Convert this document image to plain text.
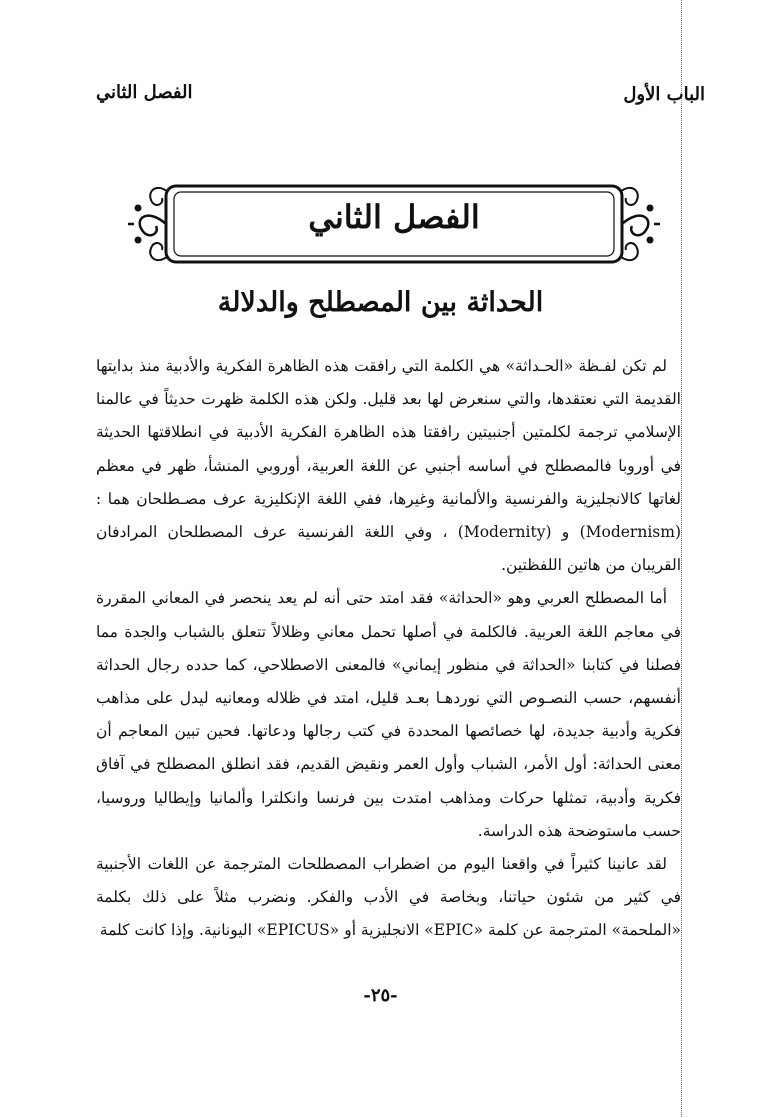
الباب الأول
الفصل الثاني
الفصل الثاني
الحداثة بين المصطلح والدلالة

لم تكن لفـظة «الحـداثة» هي الكلمة التي رافقت هذه الظاهرة الفكرية والأدبية منذ بدايتها القديمة التي نعتقدها، والتي سنعرض لها بعد قليل. ولكن هذه الكلمة ظهرت حديثاً في عالمنا الإسلامي ترجمة لكلمتين أجنبيتين رافقتا هذه الظاهرة الفكرية الأدبية في انطلاقتها الحديثة في أوروبا فالمصطلح في أساسه أجنبي عن اللغة العربية، أوروبي المنشأ، ظهر في معظم لغاتها كالانجليزية والفرنسية والألمانية وغيرها، ففي اللغة الإنكليزية عرف مصـطلحان هما : (Modernism) و (Modernity) ، وفي اللغة الفرنسية عرف المصطلحان المرادفان القريبان من هاتين اللفظتين.

أما المصطلح العربي وهو «الحداثة» فقد امتد حتى أنه لم يعد ينحصر في المعاني المقررة في معاجم اللغة العربية. فالكلمة في أصلها تحمل معاني وظلالاً تتعلق بالشباب والجدة مما فصلنا في كتابنا «الحداثة في منظور إيماني» فالمعنى الاصطلاحي، كما حدده رجال الحداثة أنفسهم، حسب النصـوص التي نوردهـا بعـد قليل، امتد في ظلاله ومعانيه ليدل على مذاهب فكرية وأدبية جديدة، لها خصائصها المحددة في كتب رجالها ودعاتها. فحين تبين المعاجم أن معنى الحداثة: أول الأمر، الشباب وأول العمر ونقيض القديم، فقد انطلق المصطلح في آفاق فكرية وأدبية، تمثلها حركات ومذاهب امتدت بين فرنسا وانكلترا وألمانيا وإيطاليا وروسيا، حسب ماستوضحة هذه الدراسة.

لقد عانينا كثيراً في واقعنا اليوم من اضطراب المصطلحات المترجمة عن اللغات الأجنبية في كثير من شئون حياتنا، وبخاصة في الأدب والفكر. ونضرب مثلاً على ذلك بكلمة «الملحمة» المترجمة عن كلمة «EPIC» الانجليزية أو «EPICUS» اليونانية. وإذا كانت كلمة

-٢٥-
